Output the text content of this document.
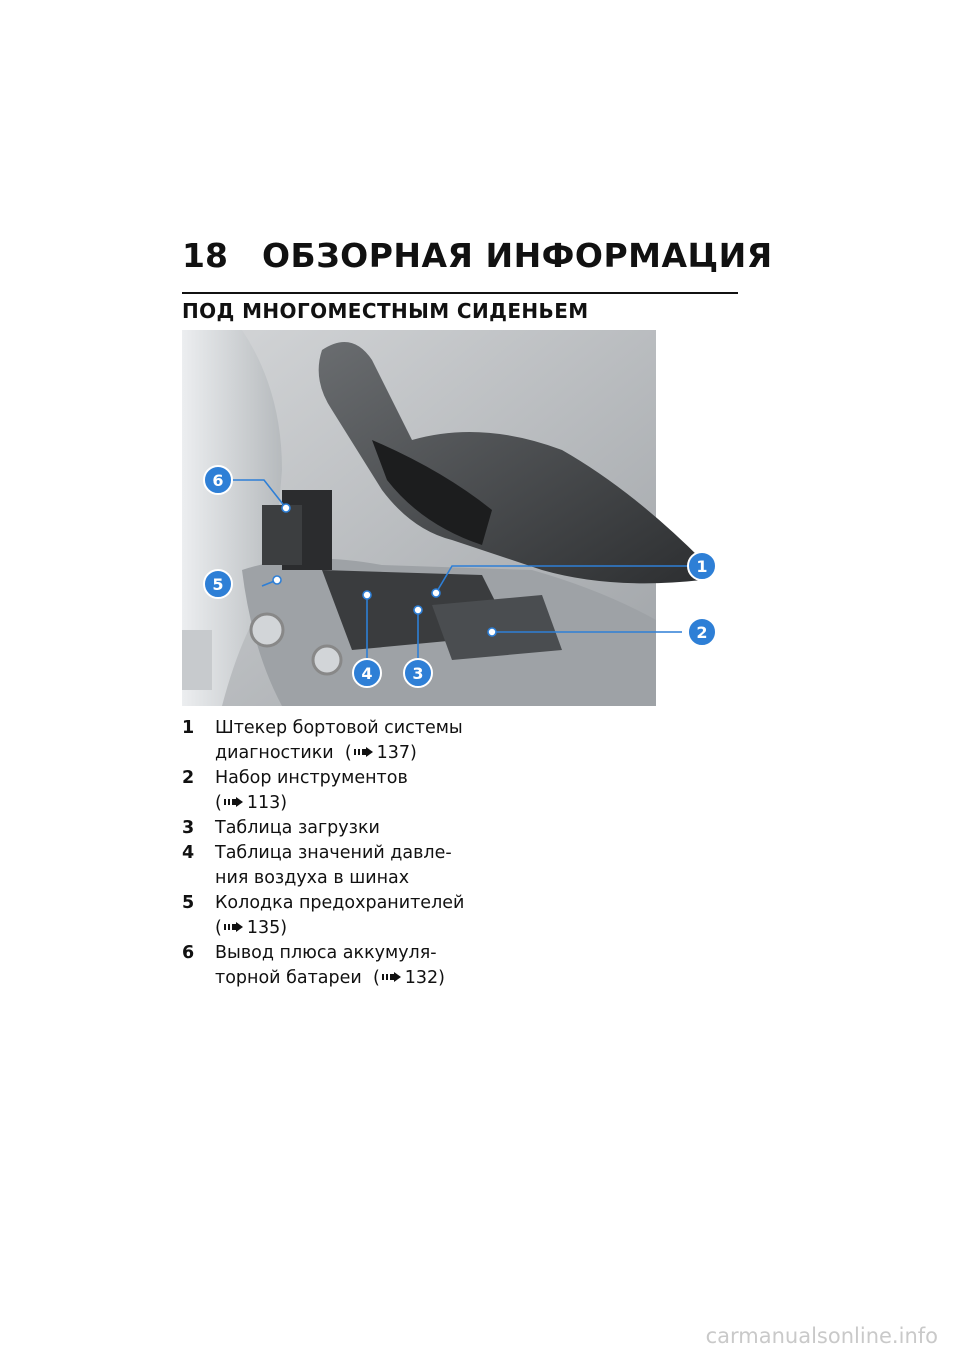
18	ОБЗОРНАЯ ИНФОРМАЦИЯ
ПОД МНОГОМЕСТНЫМ СИДЕНЬЕМ
1
2
3
4
5
6
1	Штекер бортовой системы
диагностики ( 137)
2	Набор инструментов
( 113)
3	Таблица загрузки
4	Таблица значений давле-
ния воздуха в шинах
5	Колодка предохранителей
( 135)
6	Вывод плюса аккумуля-
торной батареи ( 132)
carmanualsonline.info
